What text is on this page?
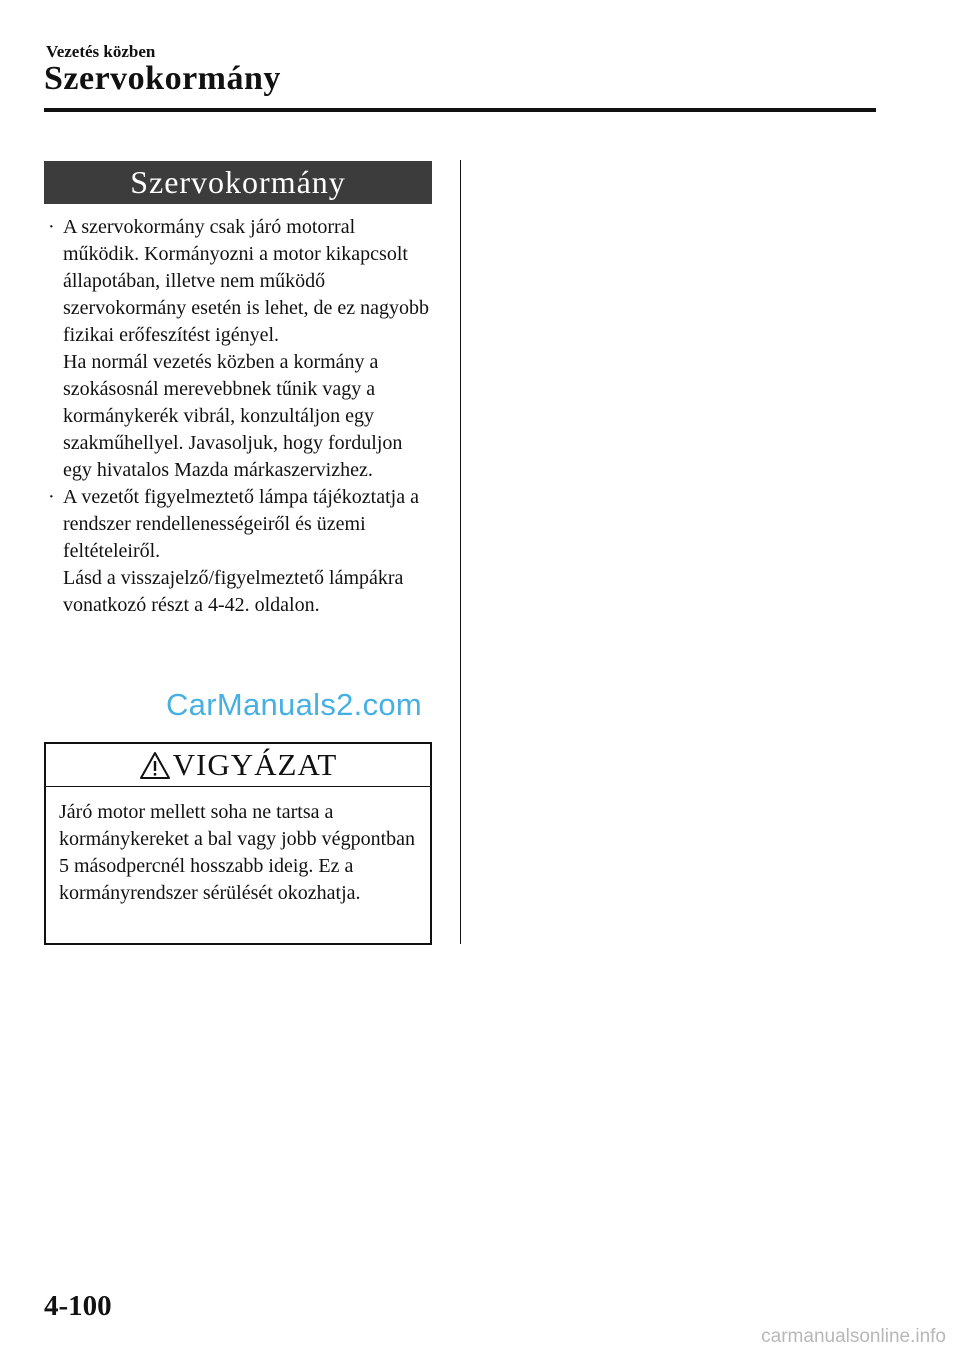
Vezetés közben
Szervokormány
Szervokormány
· A szervokormány csak járó motorral működik. Kormányozni a motor kikapcsolt állapotában, illetve nem működő szervokormány esetén is lehet, de ez nagyobb fizikai erőfeszítést igényel.

Ha normál vezetés közben a kormány a szokásosnál merevebbnek tűnik vagy a kormánykerék vibrál, konzultáljon egy szakműhellyel. Javasoljuk, hogy forduljon egy hivatalos Mazda márkaszervizhez.

· A vezetőt figyelmeztető lámpa tájékoztatja a rendszer rendellenességeiről és üzemi feltételeiről.

Lásd a visszajelző/figyelmeztető lámpákra vonatkozó részt a 4-42. oldalon.

CarManuals2.com
VIGYÁZAT

Járó motor mellett soha ne tartsa a kormánykereket a bal vagy jobb végpontban 5 másodpercnél hosszabb ideig. Ez a kormányrendszer sérülését okozhatja.

4-100
carmanualsonline.info
